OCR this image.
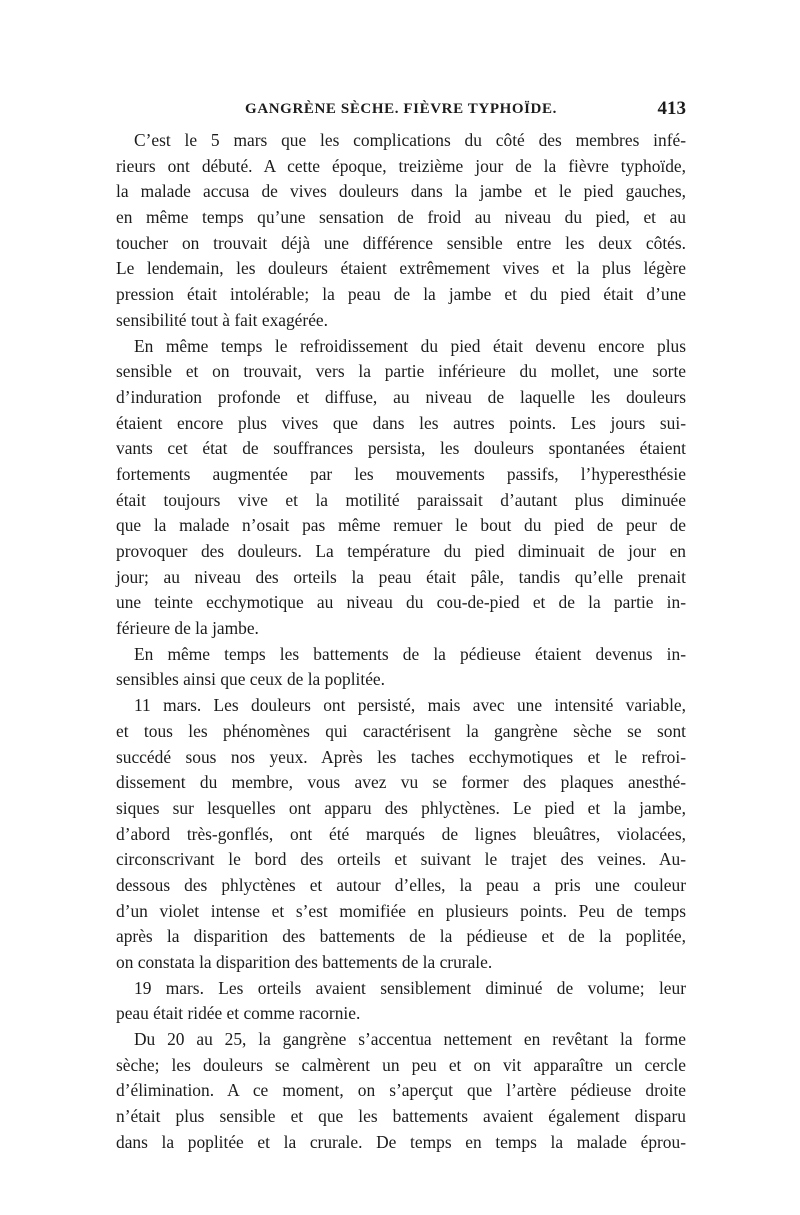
GANGRÈNE SÈCHE. FIÈVRE TYPHOÏDE.	413
C’est le 5 mars que les complications du côté des membres infé-
rieurs ont débuté. A cette époque, treizième jour de la fièvre typhoïde,
la malade accusa de vives douleurs dans la jambe et le pied gauches,
en même temps qu’une sensation de froid au niveau du pied, et au
toucher on trouvait déjà une différence sensible entre les deux côtés.
Le lendemain, les douleurs étaient extrêmement vives et la plus légère
pression était intolérable; la peau de la jambe et du pied était d’une
sensibilité tout à fait exagérée.
En même temps le refroidissement du pied était devenu encore plus
sensible et on trouvait, vers la partie inférieure du mollet, une sorte
d’induration profonde et diffuse, au niveau de laquelle les douleurs
étaient encore plus vives que dans les autres points. Les jours sui-
vants cet état de souffrances persista, les douleurs spontanées étaient
fortements augmentée par les mouvements passifs, l’hyperesthésie
était toujours vive et la motilité paraissait d’autant plus diminuée
que la malade n’osait pas même remuer le bout du pied de peur de
provoquer des douleurs. La température du pied diminuait de jour en
jour; au niveau des orteils la peau était pâle, tandis qu’elle prenait
une teinte ecchymotique au niveau du cou-de-pied et de la partie in-
férieure de la jambe.
En même temps les battements de la pédieuse étaient devenus in-
sensibles ainsi que ceux de la poplitée.
11 mars. Les douleurs ont persisté, mais avec une intensité variable,
et tous les phénomènes qui caractérisent la gangrène sèche se sont
succédé sous nos yeux. Après les taches ecchymotiques et le refroi-
dissement du membre, vous avez vu se former des plaques anesthé-
siques sur lesquelles ont apparu des phlyctènes. Le pied et la jambe,
d’abord très-gonflés, ont été marqués de lignes bleuâtres, violacées,
circonscrivant le bord des orteils et suivant le trajet des veines. Au-
dessous des phlyctènes et autour d’elles, la peau a pris une couleur
d’un violet intense et s’est momifiée en plusieurs points. Peu de temps
après la disparition des battements de la pédieuse et de la poplitée,
on constata la disparition des battements de la crurale.
19 mars. Les orteils avaient sensiblement diminué de volume; leur
peau était ridée et comme racornie.
Du 20 au 25, la gangrène s’accentua nettement en revêtant la forme
sèche; les douleurs se calmèrent un peu et on vit apparaître un cercle
d’élimination. A ce moment, on s’aperçut que l’artère pédieuse droite
n’était plus sensible et que les battements avaient également disparu
dans la poplitée et la crurale. De temps en temps la malade éprou-
